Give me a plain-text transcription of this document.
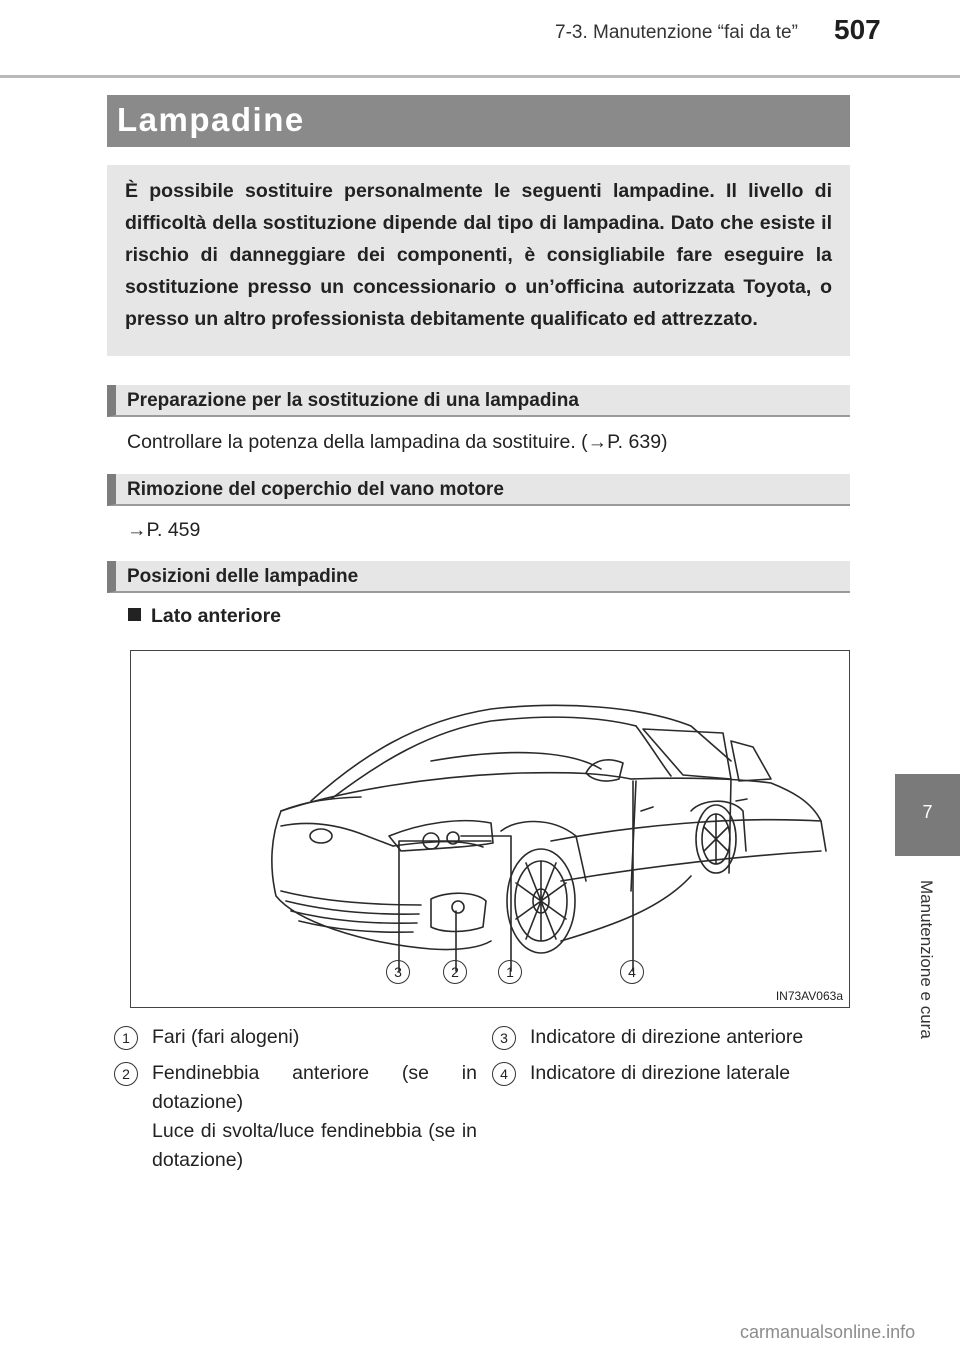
7-3. Manutenzione “fai da te” 507
Lampadine

È possibile sostituire personalmente le seguenti lampadine. Il livello di difficoltà della sostituzione dipende dal tipo di lampadina. Dato che esiste il rischio di danneggiare dei componenti, è consigliabile fare eseguire la sostituzione presso un concessionario o un’officina autorizzata Toyota, o presso un altro professionista debitamente qualificato ed attrezzato.

Preparazione per la sostituzione di una lampadina
Controllare la potenza della lampadina da sostituire. (→P. 639)
Rimozione del coperchio del vano motore
→P. 459
Posizioni delle lampadine
Lato anteriore
3	2	1	4
IN73AV063a
1	Fari (fari alogeni)
2	Fendinebbia anteriore (se in dotazione)
Luce di svolta/luce fendinebbia (se in dotazione)
3	Indicatore di direzione anteriore
4	Indicatore di direzione laterale
7
Manutenzione e cura
carmanualsonline.info
